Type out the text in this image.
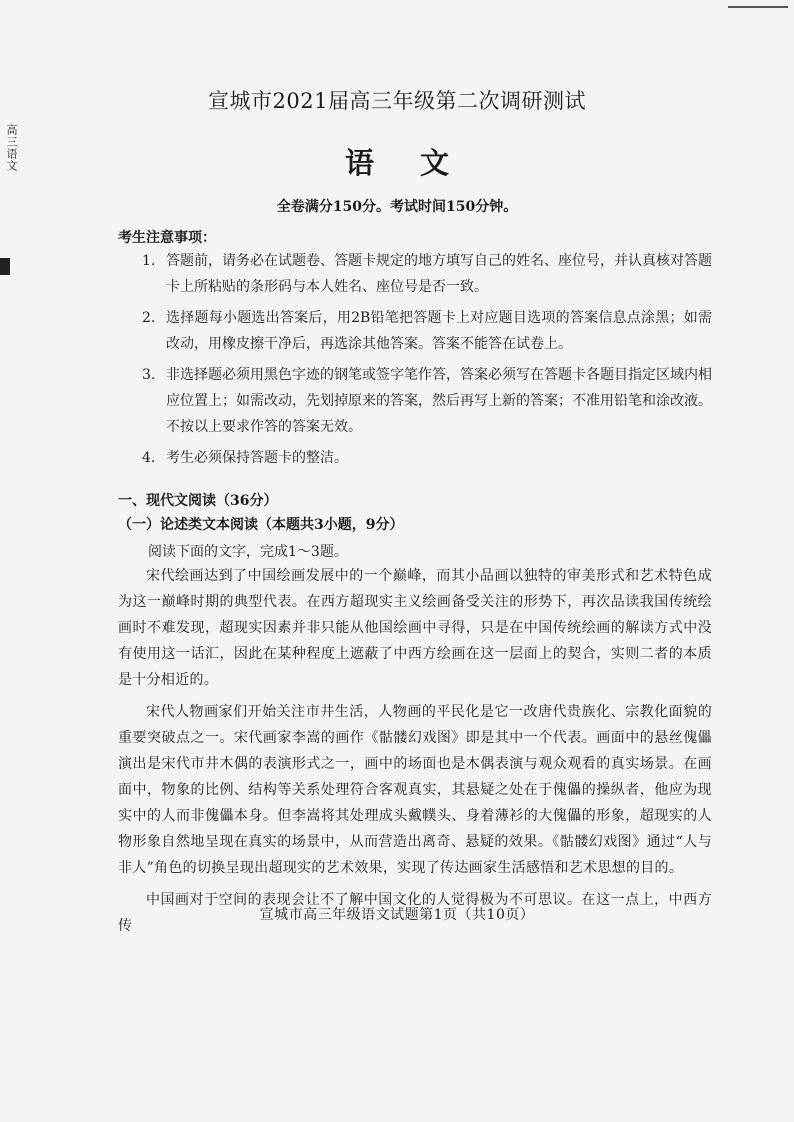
高三语文
宣城市2021届高三年级第二次调研测试
语文
全卷满分150分。考试时间150分钟。
考生注意事项：
1. 答题前，请务必在试题卷、答题卡规定的地方填写自己的姓名、座位号，并认真核对答题卡上所粘贴的条形码与本人姓名、座位号是否一致。
2. 选择题每小题选出答案后，用2B铅笔把答题卡上对应题目选项的答案信息点涂黑；如需改动，用橡皮擦干净后，再选涂其他答案。答案不能答在试卷上。
3. 非选择题必须用黑色字迹的钢笔或签字笔作答，答案必须写在答题卡各题目指定区域内相应位置上；如需改动，先划掉原来的答案，然后再写上新的答案；不准用铅笔和涂改液。不按以上要求作答的答案无效。
4. 考生必须保持答题卡的整洁。
一、现代文阅读（36分）
（一）论述类文本阅读（本题共3小题，9分）
阅读下面的文字，完成1～3题。

宋代绘画达到了中国绘画发展中的一个巅峰，而其小品画以独特的审美形式和艺术特色成为这一巅峰时期的典型代表。在西方超现实主义绘画备受关注的形势下，再次品读我国传统绘画时不难发现，超现实因素并非只能从他国绘画中寻得，只是在中国传统绘画的解读方式中没有使用这一话汇，因此在某种程度上遮蔽了中西方绘画在这一层面上的契合，实则二者的本质是十分相近的。

宋代人物画家们开始关注市井生活，人物画的平民化是它一改唐代贵族化、宗教化面貌的重要突破点之一。宋代画家李嵩的画作《骷髅幻戏图》即是其中一个代表。画面中的悬丝傀儡演出是宋代市井木偶的表演形式之一，画中的场面也是木偶表演与观众观看的真实场景。在画面中，物象的比例、结构等关系处理符合客观真实，其悬疑之处在于傀儡的操纵者，他应为现实中的人而非傀儡本身。但李嵩将其处理成头戴幞头、身着薄衫的大傀儡的形象，超现实的人物形象自然地呈现在真实的场景中，从而营造出离奇、悬疑的效果。《骷髅幻戏图》通过“人与非人”角色的切换呈现出超现实的艺术效果，实现了传达画家生活感悟和艺术思想的目的。

中国画对于空间的表现会让不了解中国文化的人觉得极为不可思议。在这一点上，中西方传

宣城市高三年级语文试题第1页（共10页）
